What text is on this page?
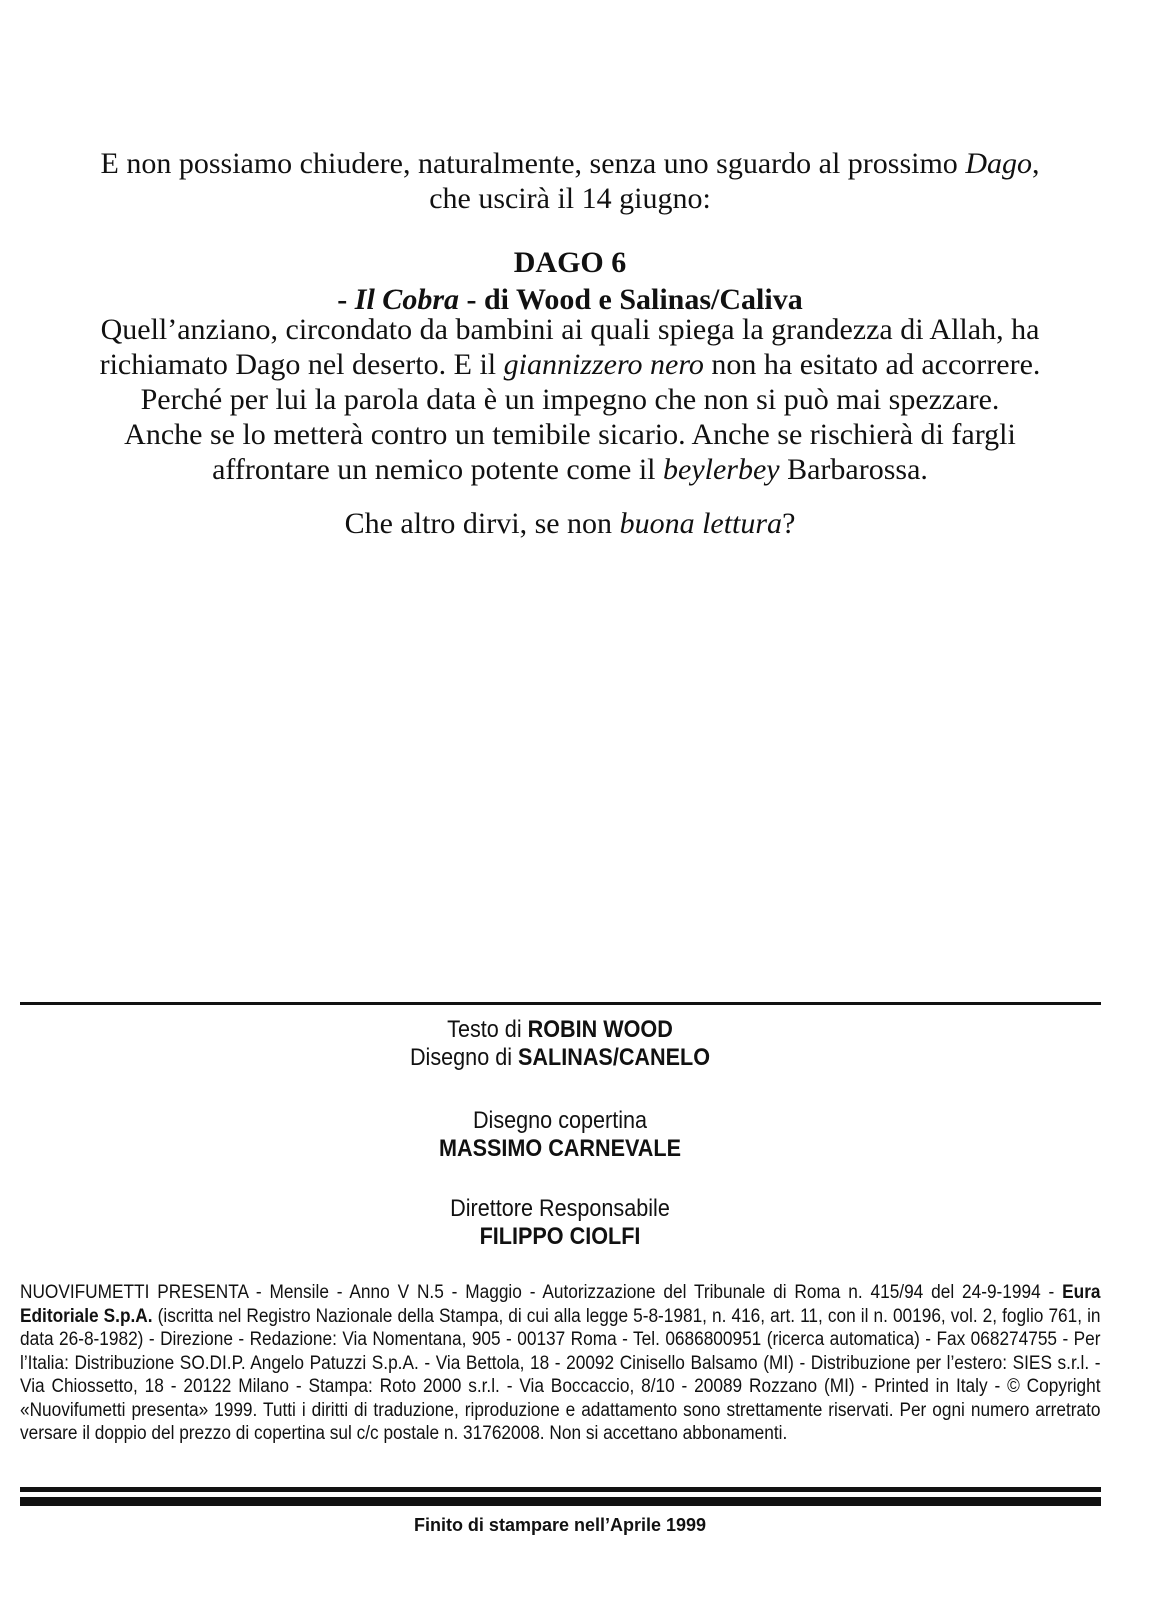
E non possiamo chiudere, naturalmente, senza uno sguardo al prossimo Dago,
che uscirà il 14 giugno:
DAGO 6
- Il Cobra - di Wood e Salinas/Caliva
Quell’anziano, circondato da bambini ai quali spiega la grandezza di Allah, ha
richiamato Dago nel deserto. E il giannizzero nero non ha esitato ad accorrere.
Perché per lui la parola data è un impegno che non si può mai spezzare.
Anche se lo metterà contro un temibile sicario. Anche se rischierà di fargli
affrontare un nemico potente come il beylerbey Barbarossa.
Che altro dirvi, se non buona lettura?
Testo di ROBIN WOOD
Disegno di SALINAS/CANELO
Disegno copertina
MASSIMO CARNEVALE
Direttore Responsabile
FILIPPO CIOLFI
NUOVIFUMETTI PRESENTA - Mensile - Anno V N.5 - Maggio - Autorizzazione del Tribunale di Roma n. 415/94 del 24-9-1994 - Eura Editoriale S.p.A. (iscritta nel Registro Nazionale della Stampa, di cui alla legge 5-8-1981, n. 416, art. 11, con il n. 00196, vol. 2, foglio 761, in data 26-8-1982) - Direzione - Redazione: Via Nomentana, 905 - 00137 Roma - Tel. 0686800951 (ricerca automatica) - Fax 068274755 - Per l’Italia: Distribuzione SO.DI.P. Angelo Patuzzi S.p.A. - Via Bettola, 18 - 20092 Cinisello Balsamo (MI) - Distribuzione per l’estero: SIES s.r.l. - Via Chiossetto, 18 - 20122 Milano - Stampa: Roto 2000 s.r.l. - Via Boccaccio, 8/10 - 20089 Rozzano (MI) - Printed in Italy - © Copyright «Nuovifumetti presenta» 1999. Tutti i diritti di traduzione, riproduzione e adattamento sono strettamente riservati. Per ogni numero arretrato versare il doppio del prezzo di copertina sul c/c postale n. 31762008. Non si accettano abbonamenti.
Finito di stampare nell’Aprile 1999
